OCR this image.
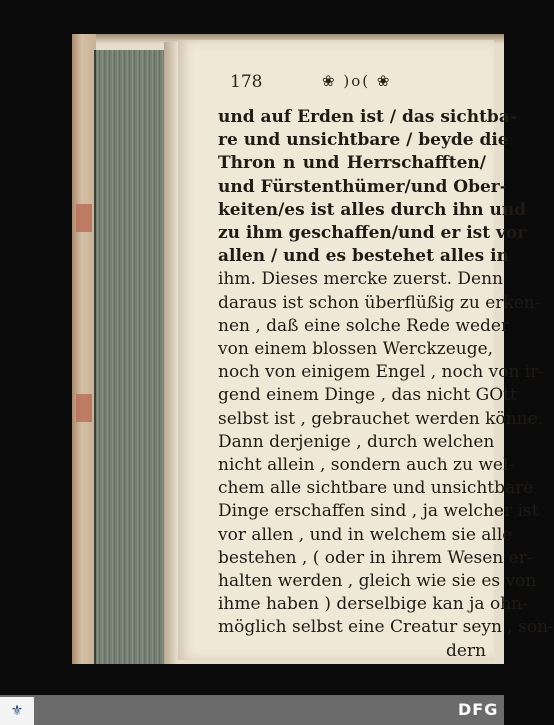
178	❀ )o( ❀
und auf Erden ist / das sichtba-
re und unsichtbare / beyde die
Thron n und Herrschafften/
und Fürstenthümer/und Ober-
keiten/es ist alles durch ihn und
zu ihm geschaffen/und er ist vor
allen / und es bestehet alles in
ihm. Dieses mercke zuerst. Denn
daraus ist schon überflüßig zu erken-
nen , daß eine solche Rede weder
von einem blossen Werckzeuge,
noch von einigem Engel , noch von ir-
gend einem Dinge , das nicht GOtt
selbst ist , gebrauchet werden könne.
Dann derjenige , durch welchen
nicht allein , sondern auch zu wel-
chem alle sichtbare und unsichtbare
Dinge erschaffen sind , ja welcher ist
vor allen , und in welchem sie alle
bestehen , ( oder in ihrem Wesen er-
halten werden , gleich wie sie es von
ihme haben ) derselbige kan ja ohn-
möglich selbst eine Creatur seyn , son-
dern
⚜	DFG
